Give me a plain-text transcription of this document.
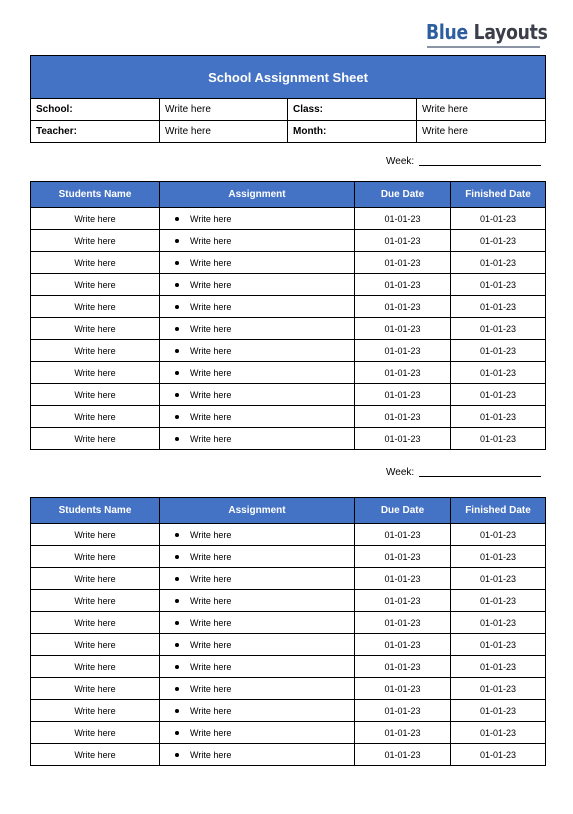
Blue Layouts
School Assignment Sheet			
School:	Write here	Class:	Write here
Teacher:	Write here	Month:	Write here
Week:
Students Name	Assignment	Due Date	Finished Date
Write here	Write here	01-01-23	01-01-23
Write here	Write here	01-01-23	01-01-23
Write here	Write here	01-01-23	01-01-23
Write here	Write here	01-01-23	01-01-23
Write here	Write here	01-01-23	01-01-23
Write here	Write here	01-01-23	01-01-23
Write here	Write here	01-01-23	01-01-23
Write here	Write here	01-01-23	01-01-23
Write here	Write here	01-01-23	01-01-23
Write here	Write here	01-01-23	01-01-23
Write here	Write here	01-01-23	01-01-23
Week:
Students Name	Assignment	Due Date	Finished Date
Write here	Write here	01-01-23	01-01-23
Write here	Write here	01-01-23	01-01-23
Write here	Write here	01-01-23	01-01-23
Write here	Write here	01-01-23	01-01-23
Write here	Write here	01-01-23	01-01-23
Write here	Write here	01-01-23	01-01-23
Write here	Write here	01-01-23	01-01-23
Write here	Write here	01-01-23	01-01-23
Write here	Write here	01-01-23	01-01-23
Write here	Write here	01-01-23	01-01-23
Write here	Write here	01-01-23	01-01-23
